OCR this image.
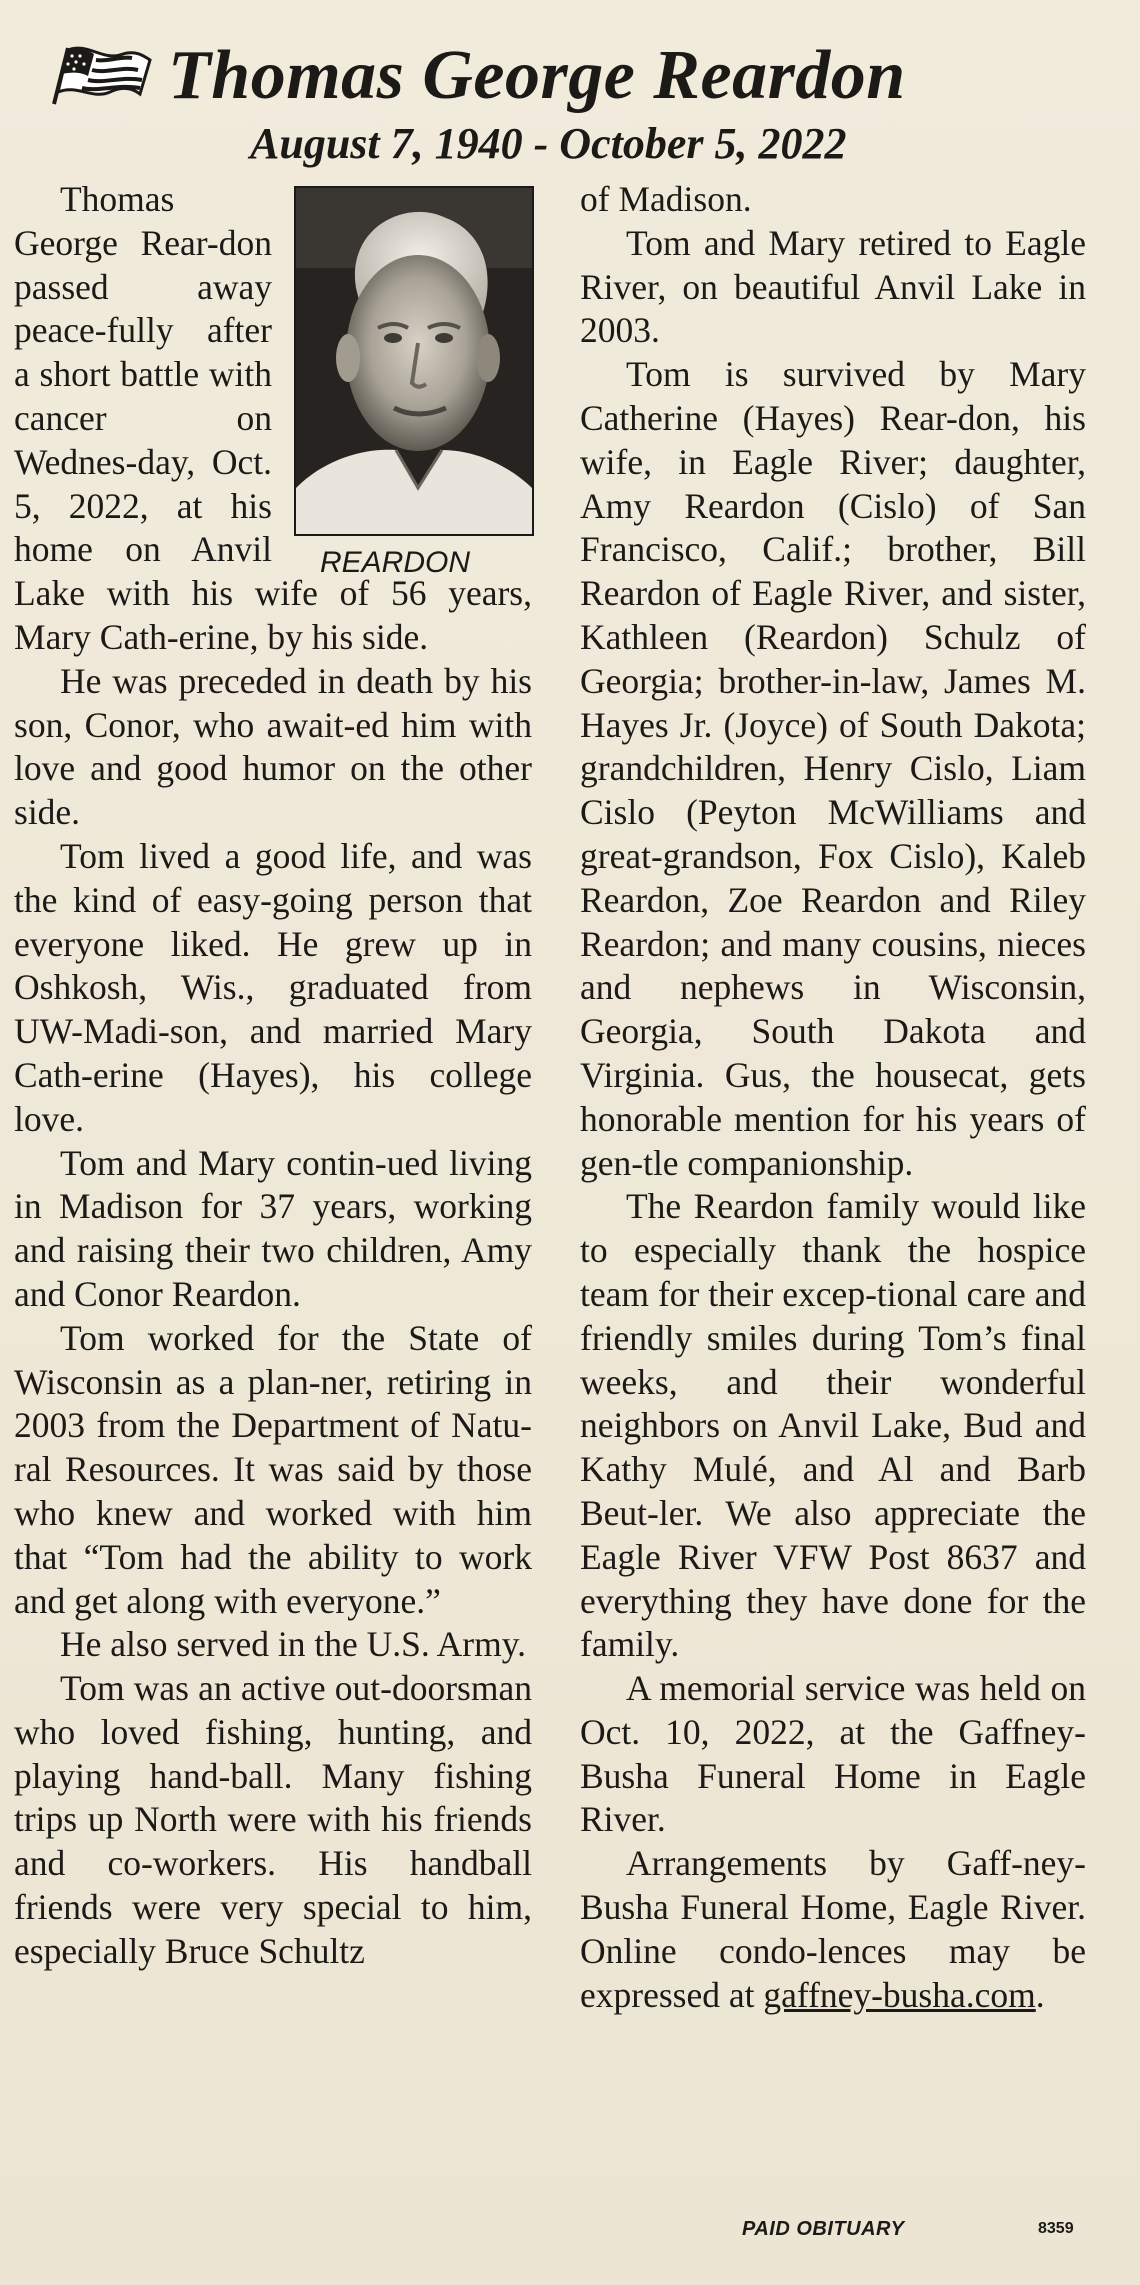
Thomas George Reardon
August 7, 1940 - October 5, 2022
REARDON

Thomas George Rear-don passed away peace-fully after a short battle with cancer on Wednes-day, Oct. 5, 2022, at his home on Anvil Lake with his wife of 56 years, Mary Cath-erine, by his side.

He was preceded in death by his son, Conor, who await-ed him with love and good humor on the other side.

Tom lived a good life, and was the kind of easy-going person that everyone liked. He grew up in Oshkosh, Wis., graduated from UW-Madi-son, and married Mary Cath-erine (Hayes), his college love.

Tom and Mary contin-ued living in Madison for 37 years, working and raising their two children, Amy and Conor Reardon.

Tom worked for the State of Wisconsin as a plan-ner, retiring in 2003 from the Department of Natu-ral Resources. It was said by those who knew and worked with him that “Tom had the ability to work and get along with everyone.”

He also served in the U.S. Army.

Tom was an active out-doorsman who loved fishing, hunting, and playing hand-ball. Many fishing trips up North were with his friends and co-workers. His handball friends were very special to him, especially Bruce Schultz

of Madison.

Tom and Mary retired to Eagle River, on beautiful Anvil Lake in 2003.

Tom is survived by Mary Catherine (Hayes) Rear-don, his wife, in Eagle River; daughter, Amy Reardon (Cislo) of San Francisco, Calif.; brother, Bill Reardon of Eagle River, and sister, Kathleen (Reardon) Schulz of Georgia; brother-in-law, James M. Hayes Jr. (Joyce) of South Dakota; grandchildren, Henry Cislo, Liam Cislo (Peyton McWilliams and great-grandson, Fox Cislo), Kaleb Reardon, Zoe Reardon and Riley Reardon; and many cousins, nieces and nephews in Wisconsin, Georgia, South Dakota and Virginia. Gus, the housecat, gets honorable mention for his years of gen-tle companionship.

The Reardon family would like to especially thank the hospice team for their excep-tional care and friendly smiles during Tom’s final weeks, and their wonderful neighbors on Anvil Lake, Bud and Kathy Mulé, and Al and Barb Beut-ler. We also appreciate the Eagle River VFW Post 8637 and everything they have done for the family.

A memorial service was held on Oct. 10, 2022, at the Gaffney-Busha Funeral Home in Eagle River.

Arrangements by Gaff-ney-Busha Funeral Home, Eagle River. Online condo-lences may be expressed at gaffney-busha.com.

PAID OBITUARY	8359
